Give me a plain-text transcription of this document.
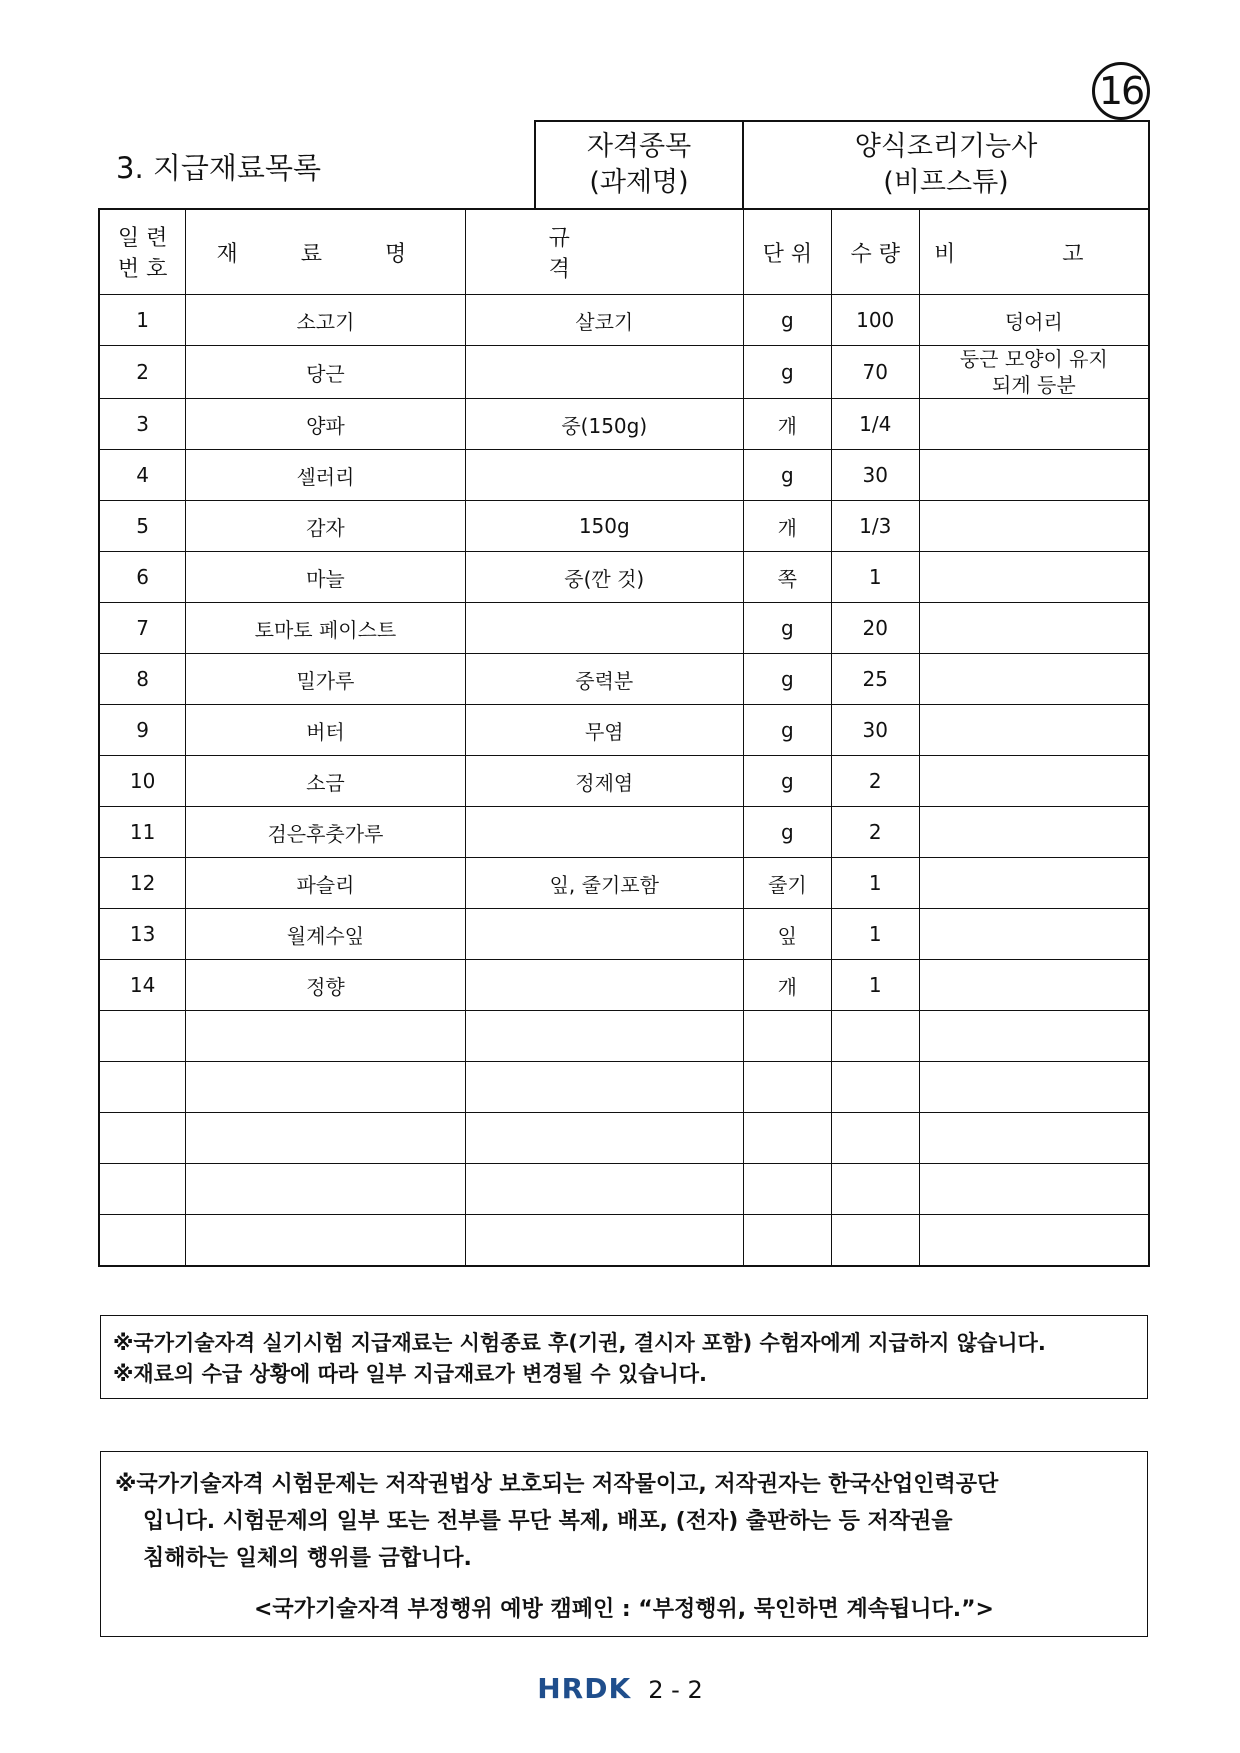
16
3. 지급재료목록
자격종목
(과제명)
양식조리기능사
(비프스튜)
일 련
번 호	재 료 명	규 격	단 위	수 량	비 고
1	소고기	살코기	g	100	덩어리
2	당근		g	70	둥근 모양이 유지
되게 등분

3	양파	중(150g)	개	1/4	
4	셀러리		g	30	
5	감자	150g	개	1/3	
6	마늘	중(깐 것)	쪽	1	
7	토마토 페이스트		g	20	
8	밀가루	중력분	g	25	
9	버터	무염	g	30	
10	소금	정제염	g	2	
11	검은후춧가루		g	2	
12	파슬리	잎, 줄기포함	줄기	1	
13	월계수잎		잎	1	
14	정향		개	1	

※국가기술자격 실기시험 지급재료는 시험종료 후(기권, 결시자 포함) 수험자에게 지급하지 않습니다.
※재료의 수급 상황에 따라 일부 지급재료가 변경될 수 있습니다.
※국가기술자격 시험문제는 저작권법상 보호되는 저작물이고, 저작권자는 한국산업인력공단
입니다. 시험문제의 일부 또는 전부를 무단 복제, 배포, (전자) 출판하는 등 저작권을
침해하는 일체의 행위를 금합니다.
<국가기술자격 부정행위 예방 캠페인 : “부정행위, 묵인하면 계속됩니다.”>
HRDK 2 - 2
